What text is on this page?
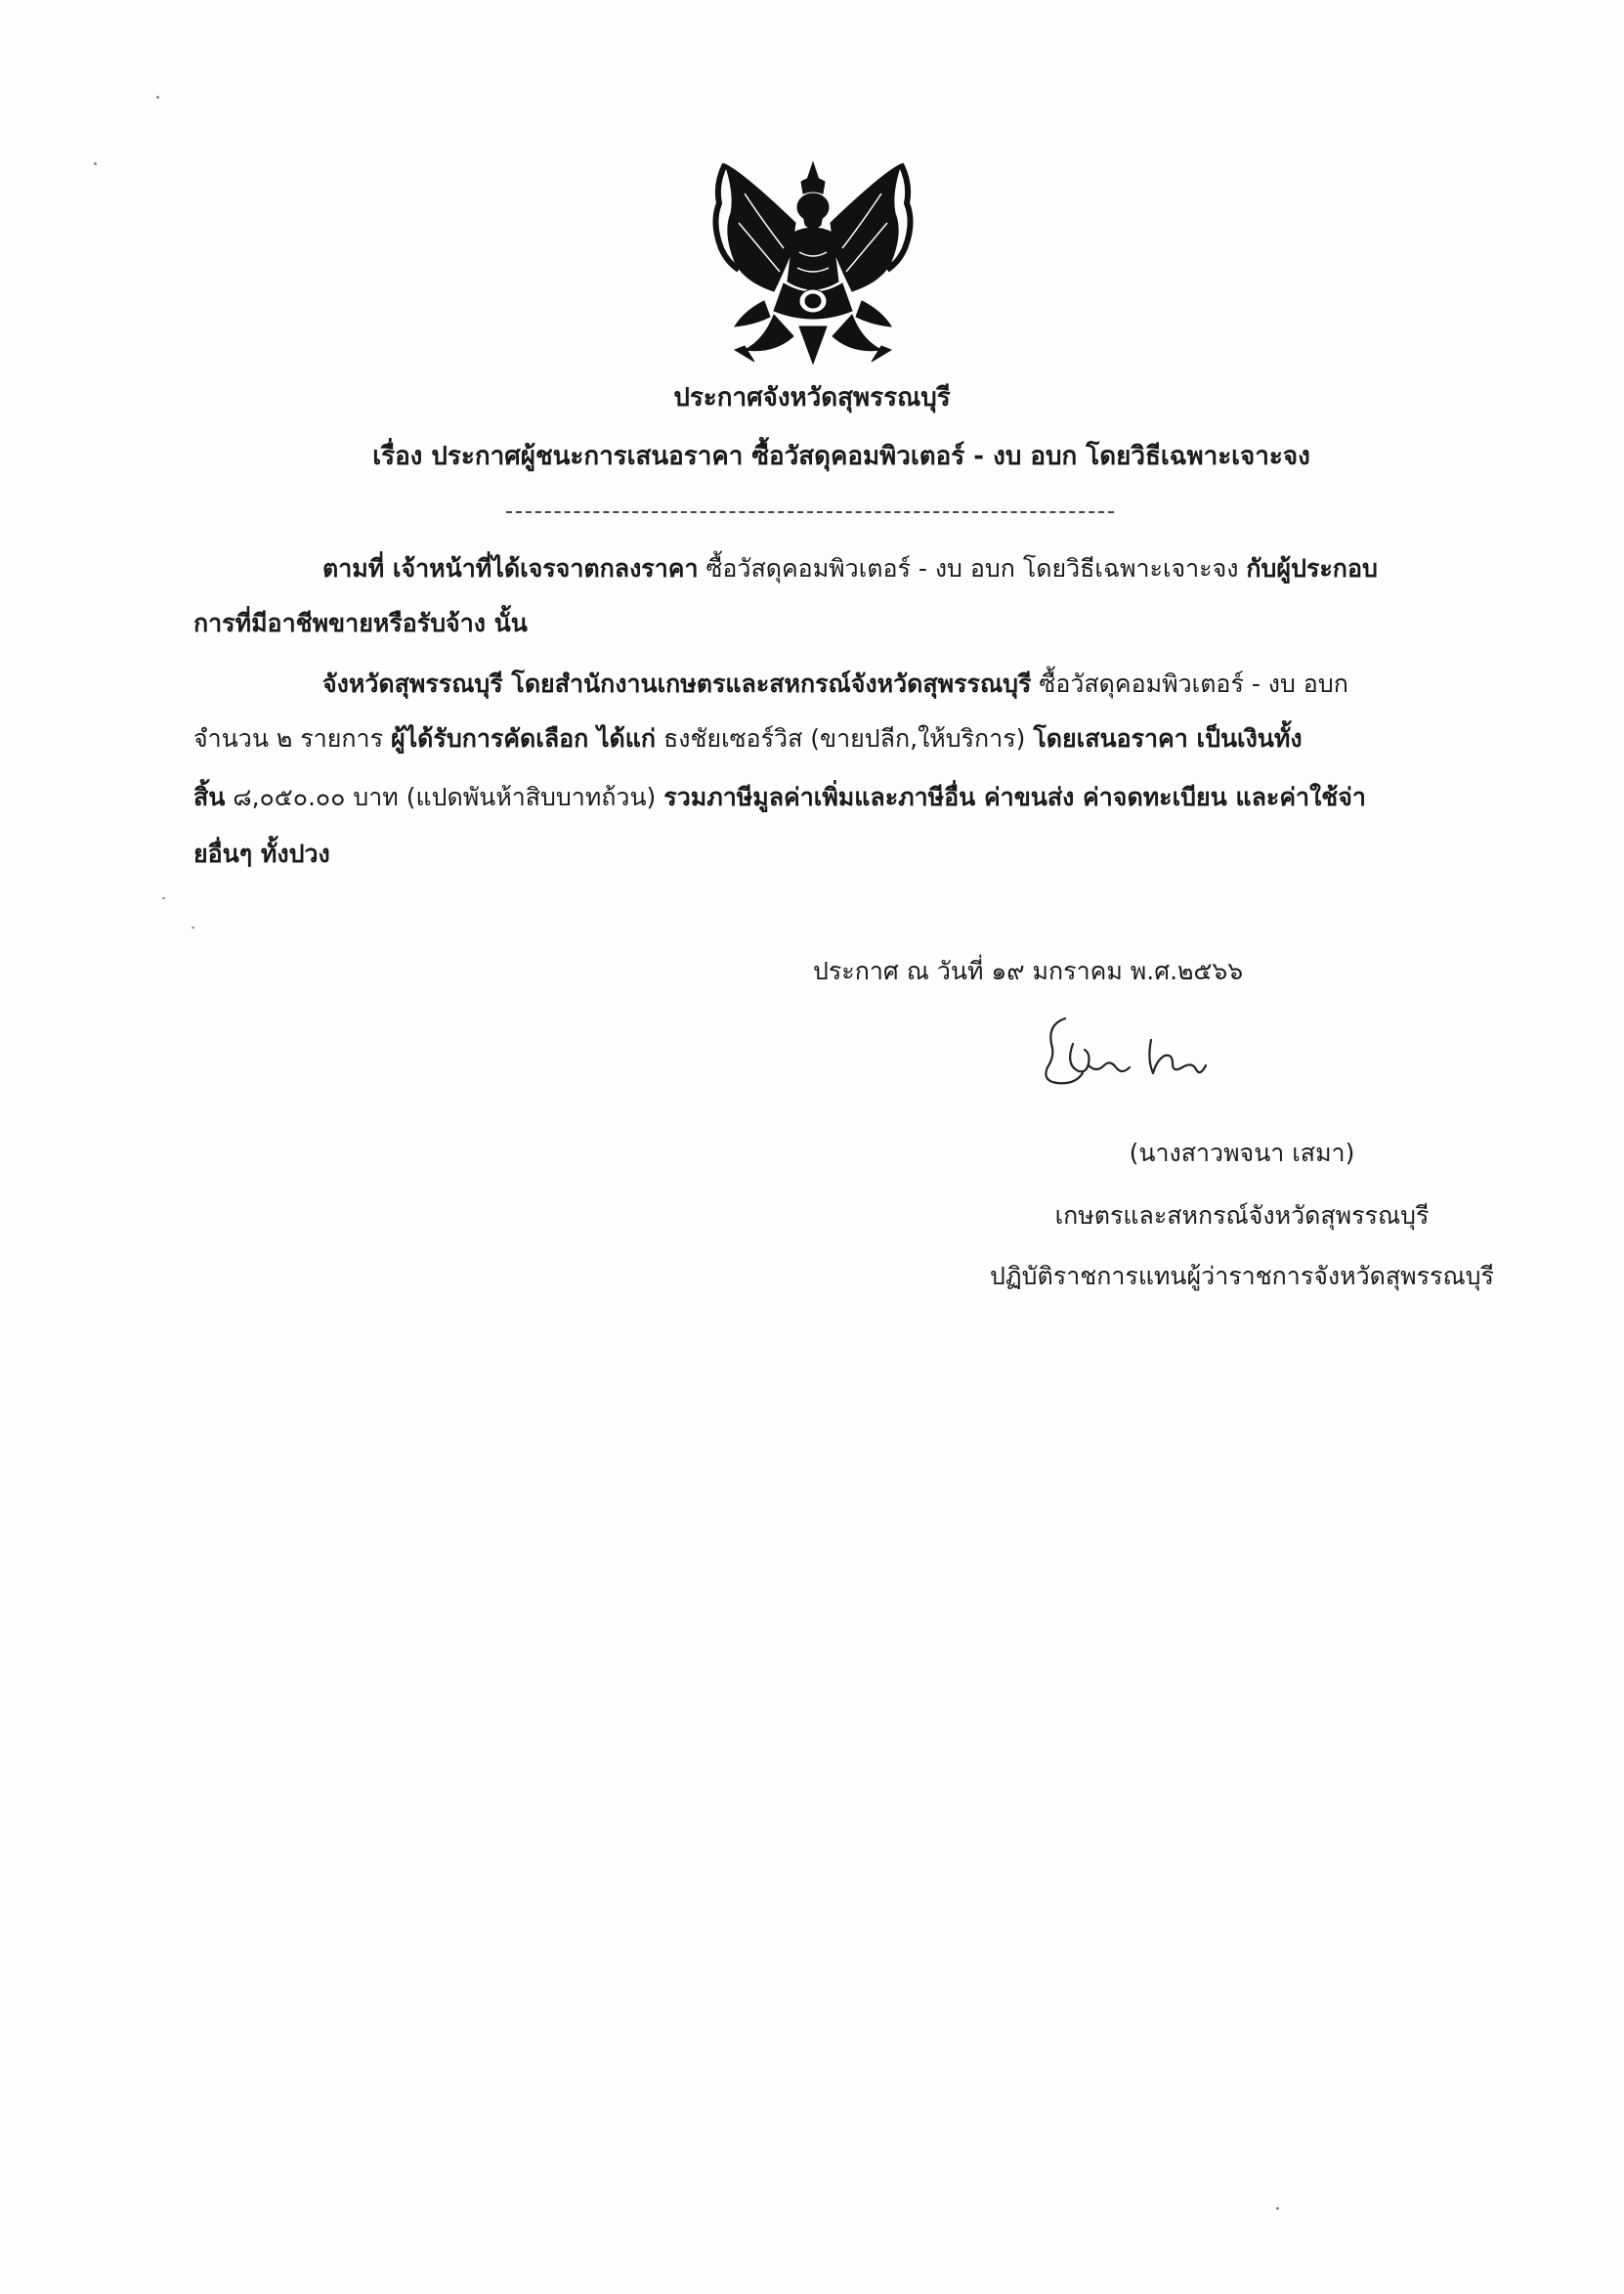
ประกาศจังหวัดสุพรรณบุรี
เรื่อง ประกาศผู้ชนะการเสนอราคา ซื้อวัสดุคอมพิวเตอร์ - งบ อบก โดยวิธีเฉพาะเจาะจง
ตามที่ เจ้าหน้าที่ได้เจรจาตกลงราคา ซื้อวัสดุคอมพิวเตอร์ - งบ อบก โดยวิธีเฉพาะเจาะจง กับผู้ประกอบ
การที่มีอาชีพขายหรือรับจ้าง นั้น
จังหวัดสุพรรณบุรี โดยสำนักงานเกษตรและสหกรณ์จังหวัดสุพรรณบุรี ซื้อวัสดุคอมพิวเตอร์ - งบ อบก
จำนวน ๒ รายการ ผู้ได้รับการคัดเลือก ได้แก่ ธงชัยเซอร์วิส (ขายปลีก,ให้บริการ) โดยเสนอราคา เป็นเงินทั้ง
สิ้น ๘,๐๕๐.๐๐ บาท (แปดพันห้าสิบบาทถ้วน) รวมภาษีมูลค่าเพิ่มและภาษีอื่น ค่าขนส่ง ค่าจดทะเบียน และค่าใช้จ่า
ยอื่นๆ ทั้งปวง
ประกาศ ณ วันที่ ๑๙ มกราคม พ.ศ.๒๕๖๖
(นางสาวพจนา เสมา)
เกษตรและสหกรณ์จังหวัดสุพรรณบุรี
ปฏิบัติราชการแทนผู้ว่าราชการจังหวัดสุพรรณบุรี
